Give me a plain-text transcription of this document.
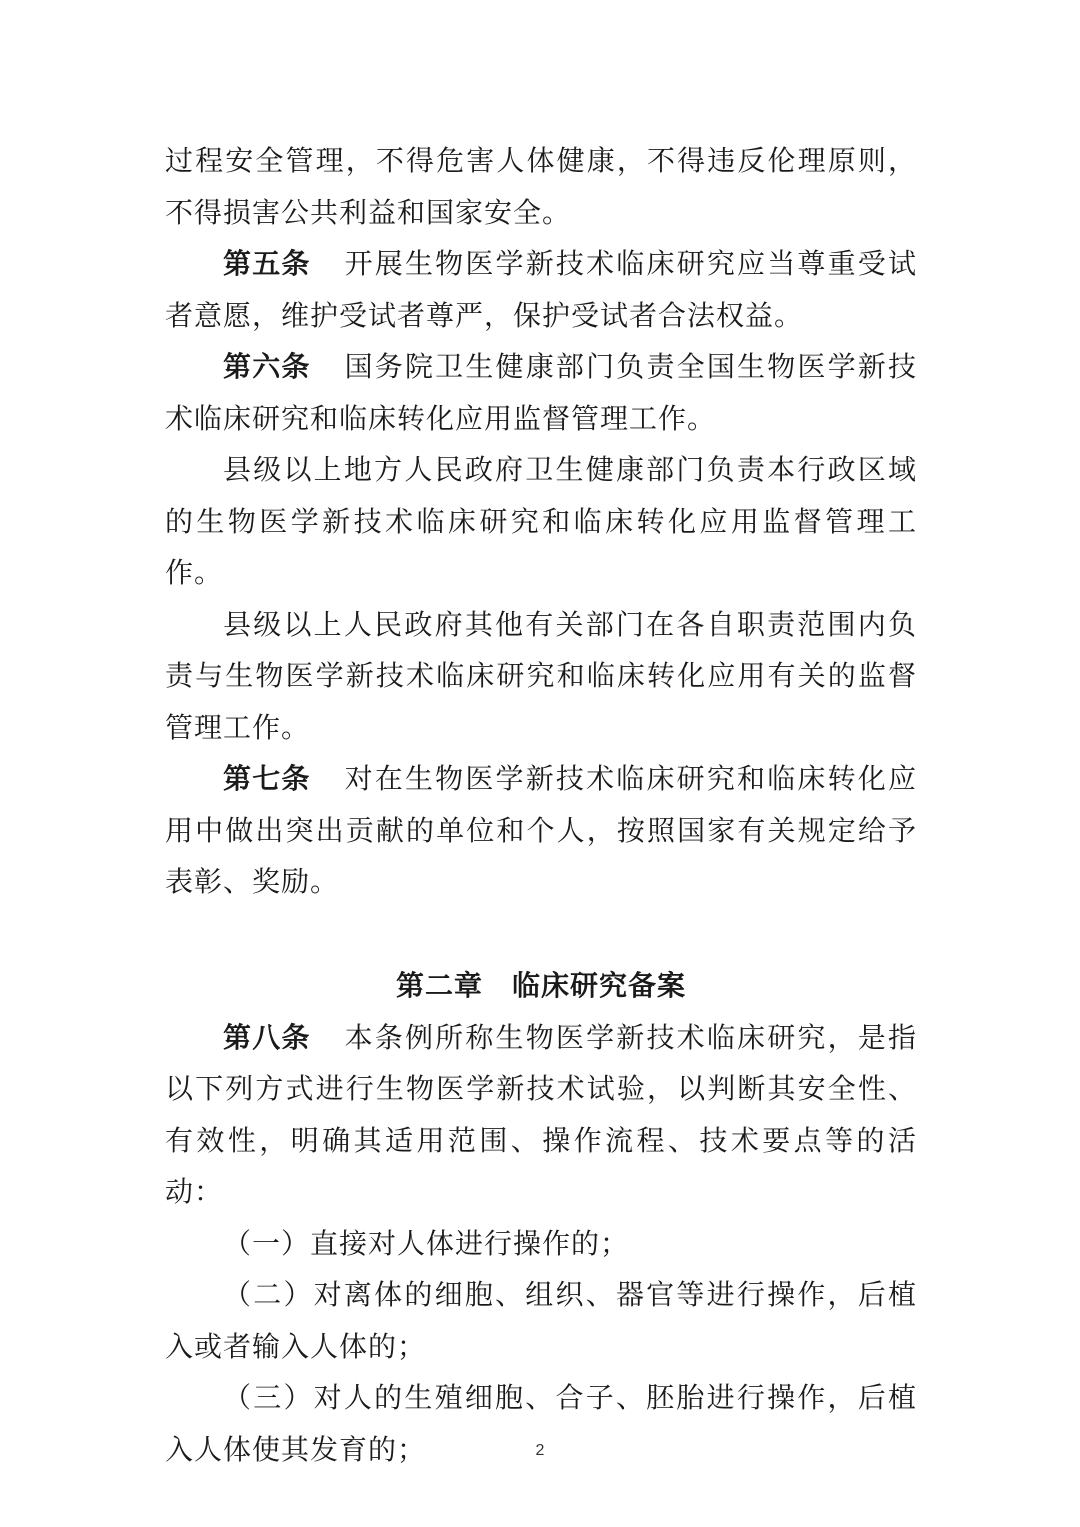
过程安全管理，不得危害人体健康，不得违反伦理原则，不得损害公共利益和国家安全。

第五条 开展生物医学新技术临床研究应当尊重受试者意愿，维护受试者尊严，保护受试者合法权益。

第六条 国务院卫生健康部门负责全国生物医学新技术临床研究和临床转化应用监督管理工作。

县级以上地方人民政府卫生健康部门负责本行政区域的生物医学新技术临床研究和临床转化应用监督管理工作。

县级以上人民政府其他有关部门在各自职责范围内负责与生物医学新技术临床研究和临床转化应用有关的监督管理工作。

第七条 对在生物医学新技术临床研究和临床转化应用中做出突出贡献的单位和个人，按照国家有关规定给予表彰、奖励。

第二章　临床研究备案

第八条 本条例所称生物医学新技术临床研究，是指以下列方式进行生物医学新技术试验，以判断其安全性、有效性，明确其适用范围、操作流程、技术要点等的活动：

（一）直接对人体进行操作的；

（二）对离体的细胞、组织、器官等进行操作，后植入或者输入人体的；

（三）对人的生殖细胞、合子、胚胎进行操作，后植入人体使其发育的；	2
